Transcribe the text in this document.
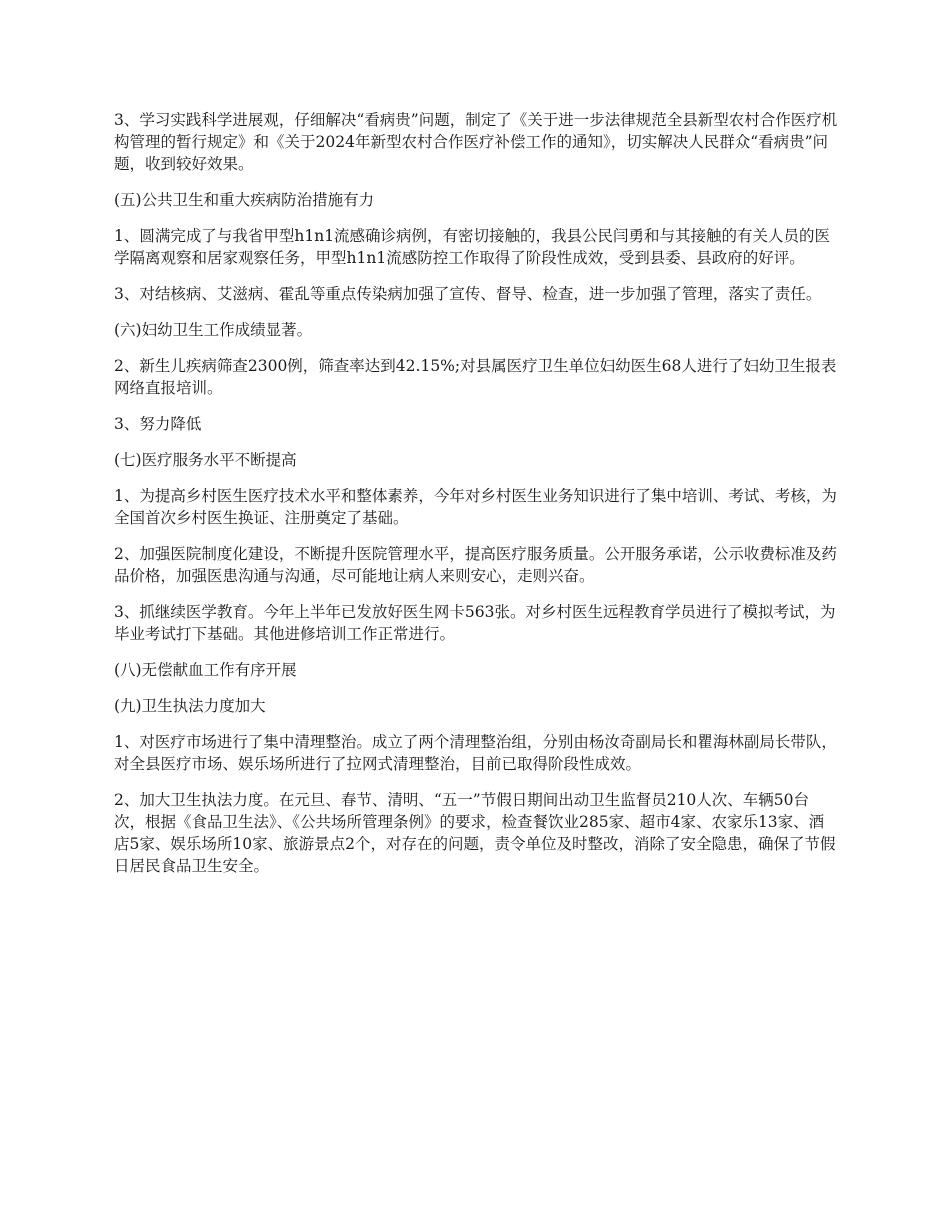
3、学习实践科学进展观，仔细解决“看病贵”问题，制定了《关于进一步法律规范全县新型农村合作医疗机构管理的暂行规定》和《关于2024年新型农村合作医疗补偿工作的通知》，切实解决人民群众“看病贵”问题，收到较好效果。

(五)公共卫生和重大疾病防治措施有力

1、圆满完成了与我省甲型h1n1流感确诊病例，有密切接触的，我县公民闫勇和与其接触的有关人员的医学隔离观察和居家观察任务，甲型h1n1流感防控工作取得了阶段性成效，受到县委、县政府的好评。

3、对结核病、艾滋病、霍乱等重点传染病加强了宣传、督导、检查，进一步加强了管理，落实了责任。

(六)妇幼卫生工作成绩显著。

2、新生儿疾病筛查2300例，筛查率达到42.15%;对县属医疗卫生单位妇幼医生68人进行了妇幼卫生报表网络直报培训。

3、努力降低

(七)医疗服务水平不断提高

1、为提高乡村医生医疗技术水平和整体素养，今年对乡村医生业务知识进行了集中培训、考试、考核，为全国首次乡村医生换证、注册奠定了基础。

2、加强医院制度化建设，不断提升医院管理水平，提高医疗服务质量。公开服务承诺，公示收费标准及药品价格，加强医患沟通与沟通，尽可能地让病人来则安心，走则兴奋。

3、抓继续医学教育。今年上半年已发放好医生网卡563张。对乡村医生远程教育学员进行了模拟考试，为毕业考试打下基础。其他进修培训工作正常进行。

(八)无偿献血工作有序开展

(九)卫生执法力度加大

1、对医疗市场进行了集中清理整治。成立了两个清理整治组，分别由杨汝奇副局长和瞿海林副局长带队，对全县医疗市场、娱乐场所进行了拉网式清理整治，目前已取得阶段性成效。

2、加大卫生执法力度。在元旦、春节、清明、“五一”节假日期间出动卫生监督员210人次、车辆50台次，根据《食品卫生法》、《公共场所管理条例》的要求，检查餐饮业285家、超市4家、农家乐13家、酒店5家、娱乐场所10家、旅游景点2个，对存在的问题，责令单位及时整改，消除了安全隐患，确保了节假日居民食品卫生安全。
